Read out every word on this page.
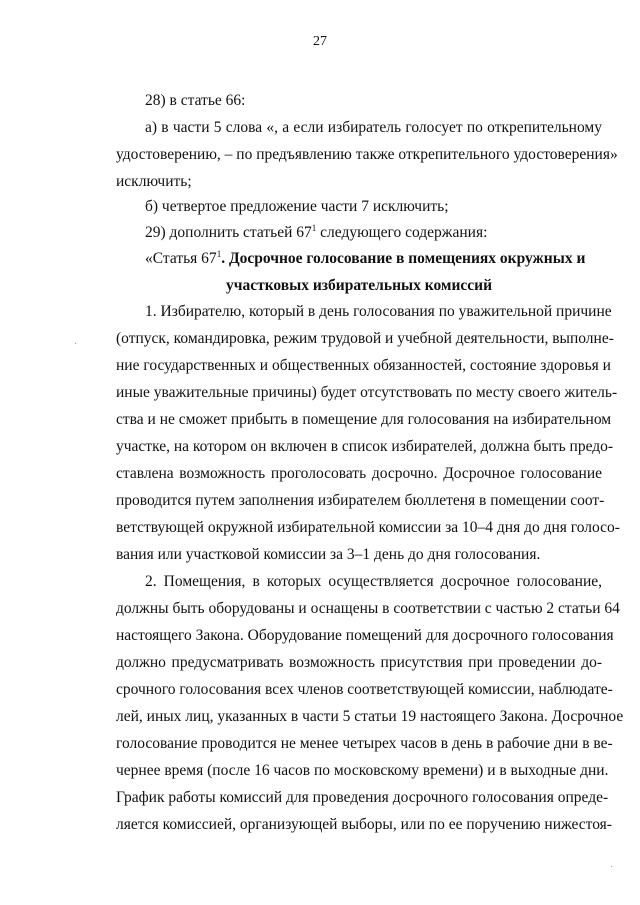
27
·
·
28) в статье 66:
а) в части 5 слова «, а если избиратель голосует по открепительному
удостоверению, – по предъявлению также открепительного удостоверения»
исключить;
б) четвертое предложение части 7 исключить;
29) дополнить статьей $67^1$ следующего содержания:
«Статья $67^1$. Досрочное голосование в помещениях окружных и
участковых избирательных комиссий
1. Избирателю, который в день голосования по уважительной причине
(отпуск, командировка, режим трудовой и учебной деятельности, выполне-
ние государственных и общественных обязанностей, состояние здоровья и
иные уважительные причины) будет отсутствовать по месту своего житель-
ства и не сможет прибыть в помещение для голосования на избирательном
участке, на котором он включен в список избирателей, должна быть предо-
ставлена возможность проголосовать досрочно. Досрочное голосование
проводится путем заполнения избирателем бюллетеня в помещении соот-
ветствующей окружной избирательной комиссии за 10–4 дня до дня голосо-
вания или участковой комиссии за 3–1 день до дня голосования.
2. Помещения, в которых осуществляется досрочное голосование,
должны быть оборудованы и оснащены в соответствии с частью 2 статьи 64
настоящего Закона. Оборудование помещений для досрочного голосования
должно предусматривать возможность присутствия при проведении до-
срочного голосования всех членов соответствующей комиссии, наблюдате-
лей, иных лиц, указанных в части 5 статьи 19 настоящего Закона. Досрочное
голосование проводится не менее четырех часов в день в рабочие дни в ве-
чернее время (после 16 часов по московскому времени) и в выходные дни.
График работы комиссий для проведения досрочного голосования опреде-
ляется комиссией, организующей выборы, или по ее поручению нижестоя-
